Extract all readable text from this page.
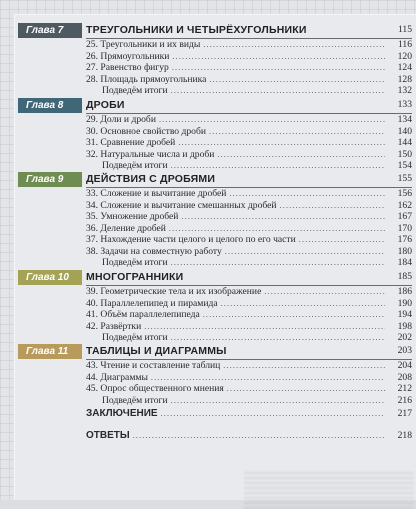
Глава 7	ТРЕУГОЛЬНИКИ И ЧЕТЫРЁХУГОЛЬНИКИ	115
25. Треугольники и их виды .....	116
26. Прямоугольники .....	120
27. Равенство фигур .....	124
28. Площадь прямоугольника .....	128
Подведём итоги .....	132
Глава 8	ДРОБИ	133
29. Доли и дроби .....	134
30. Основное свойство дроби .....	140
31. Сравнение дробей .....	144
32. Натуральные числа и дроби .....	150
Подведём итоги .....	154
Глава 9	ДЕЙСТВИЯ С ДРОБЯМИ	155
33. Сложение и вычитание дробей .....	156
34. Сложение и вычитание смешанных дробей .....	162
35. Умножение дробей .....	167
36. Деление дробей .....	170
37. Нахождение части целого и целого по его части .....	176
38. Задачи на совместную работу .....	180
Подведём итоги .....	184
Глава 10	МНОГОГРАННИКИ	185
39. Геометрические тела и их изображение .....	186
40. Параллелепипед и пирамида .....	190
41. Объём параллелепипеда .....	194
42. Развёртки .....	198
Подведём итоги .....	202
Глава 11	ТАБЛИЦЫ И ДИАГРАММЫ	203
43. Чтение и составление таблиц .....	204
44. Диаграммы .....	208
45. Опрос общественного мнения .....	212
Подведём итоги .....	216
ЗАКЛЮЧЕНИЕ .....	217
ОТВЕТЫ .....	218
